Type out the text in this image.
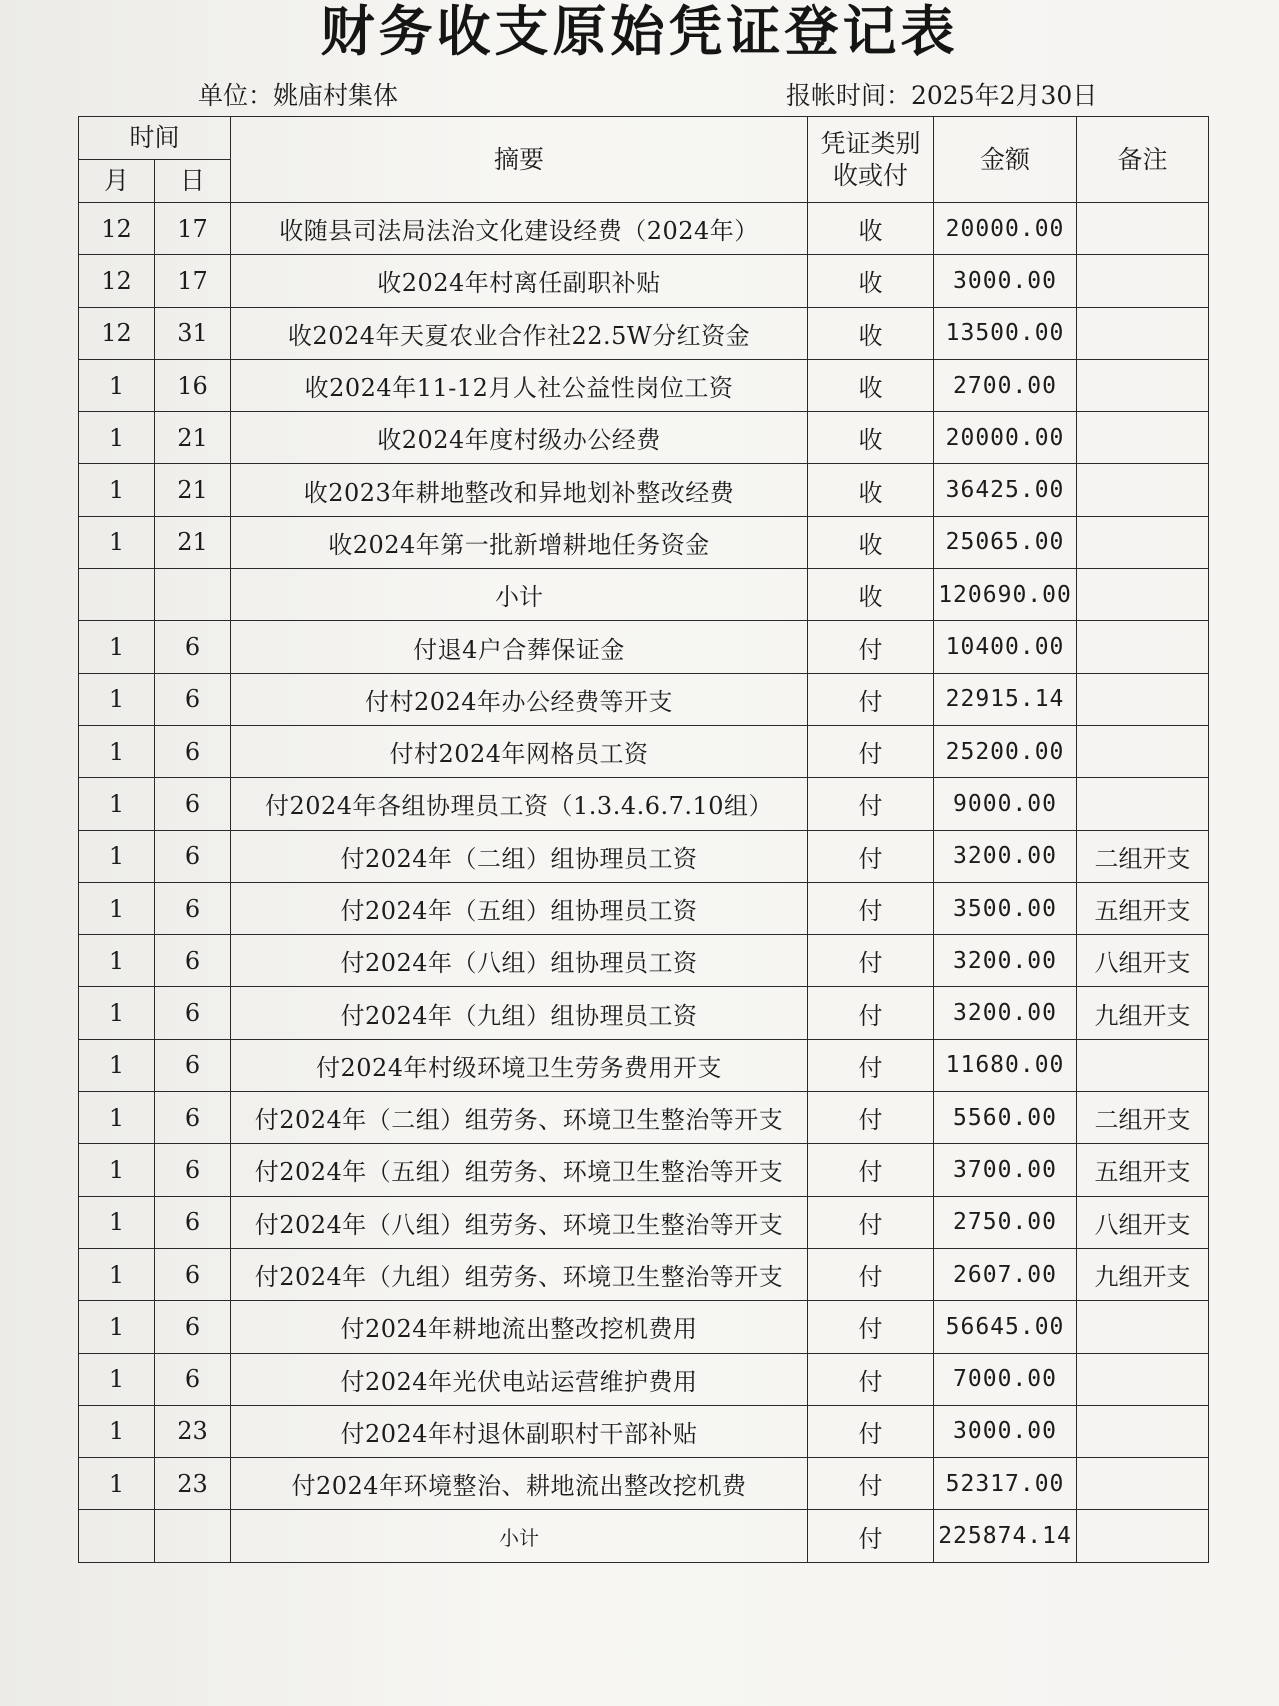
财务收支原始凭证登记表
单位：姚庙村集体	报帐时间：2025年2月30日
时间		摘要	凭证类别
收或付	金额	备注
月	日				
12	17	收随县司法局法治文化建设经费（2024年）	收	20000.00	
12	17	收2024年村离任副职补贴	收	3000.00	
12	31	收2024年天夏农业合作社22.5W分红资金	收	13500.00	
1	16	收2024年11-12月人社公益性岗位工资	收	2700.00	
1	21	收2024年度村级办公经费	收	20000.00	
1	21	收2023年耕地整改和异地划补整改经费	收	36425.00	
1	21	收2024年第一批新增耕地任务资金	收	25065.00	
		小计	收	120690.00	
1	6	付退4户合葬保证金	付	10400.00	
1	6	付村2024年办公经费等开支	付	22915.14	
1	6	付村2024年网格员工资	付	25200.00	
1	6	付2024年各组协理员工资（1.3.4.6.7.10组）	付	9000.00	
1	6	付2024年（二组）组协理员工资	付	3200.00	二组开支
1	6	付2024年（五组）组协理员工资	付	3500.00	五组开支
1	6	付2024年（八组）组协理员工资	付	3200.00	八组开支
1	6	付2024年（九组）组协理员工资	付	3200.00	九组开支
1	6	付2024年村级环境卫生劳务费用开支	付	11680.00	
1	6	付2024年（二组）组劳务、环境卫生整治等开支	付	5560.00	二组开支
1	6	付2024年（五组）组劳务、环境卫生整治等开支	付	3700.00	五组开支
1	6	付2024年（八组）组劳务、环境卫生整治等开支	付	2750.00	八组开支
1	6	付2024年（九组）组劳务、环境卫生整治等开支	付	2607.00	九组开支
1	6	付2024年耕地流出整改挖机费用	付	56645.00	
1	6	付2024年光伏电站运营维护费用	付	7000.00	
1	23	付2024年村退休副职村干部补贴	付	3000.00	
1	23	付2024年环境整治、耕地流出整改挖机费	付	52317.00	
		小计	付	225874.14	
